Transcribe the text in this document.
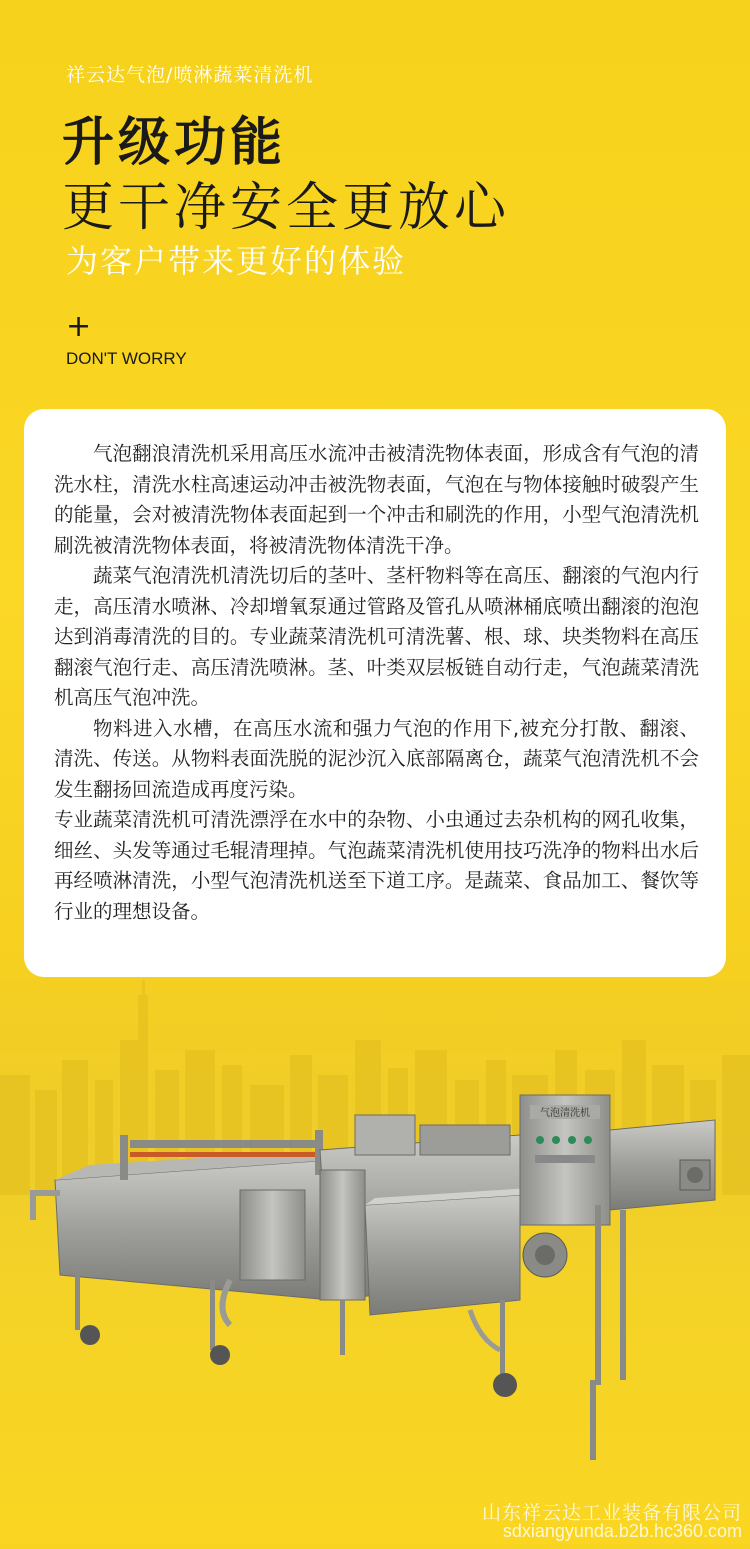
祥云达气泡/喷淋蔬菜清洗机
升级功能
更干净安全更放心
为客户带来更好的体验
+
DON'T WORRY

气泡翻浪清洗机采用高压水流冲击被清洗物体表面，形成含有气泡的清洗水柱，清洗水柱高速运动冲击被洗物表面，气泡在与物体接触时破裂产生的能量，会对被清洗物体表面起到一个冲击和刷洗的作用，小型气泡清洗机刷洗被清洗物体表面，将被清洗物体清洗干净。

蔬菜气泡清洗机清洗切后的茎叶、茎杆物料等在高压、翻滚的气泡内行走，高压清水喷淋、冷却增氧泵通过管路及管孔从喷淋桶底喷出翻滚的泡泡达到消毒清洗的目的。专业蔬菜清洗机可清洗薯、根、球、块类物料在高压翻滚气泡行走、高压清洗喷淋。茎、叶类双层板链自动行走，气泡蔬菜清洗机高压气泡冲洗。

物料进入水槽，在高压水流和强力气泡的作用下,被充分打散、翻滚、清洗、传送。从物料表面洗脱的泥沙沉入底部隔离仓，蔬菜气泡清洗机不会发生翻扬回流造成再度污染。

专业蔬菜清洗机可清洗漂浮在水中的杂物、小虫通过去杂机构的网孔收集，细丝、头发等通过毛辊清理掉。气泡蔬菜清洗机使用技巧洗净的物料出水后再经喷淋清洗，小型气泡清洗机送至下道工序。是蔬菜、食品加工、餐饮等行业的理想设备。

气泡清洗机
山东祥云达工业装备有限公司
sdxiangyunda.b2b.hc360.com
